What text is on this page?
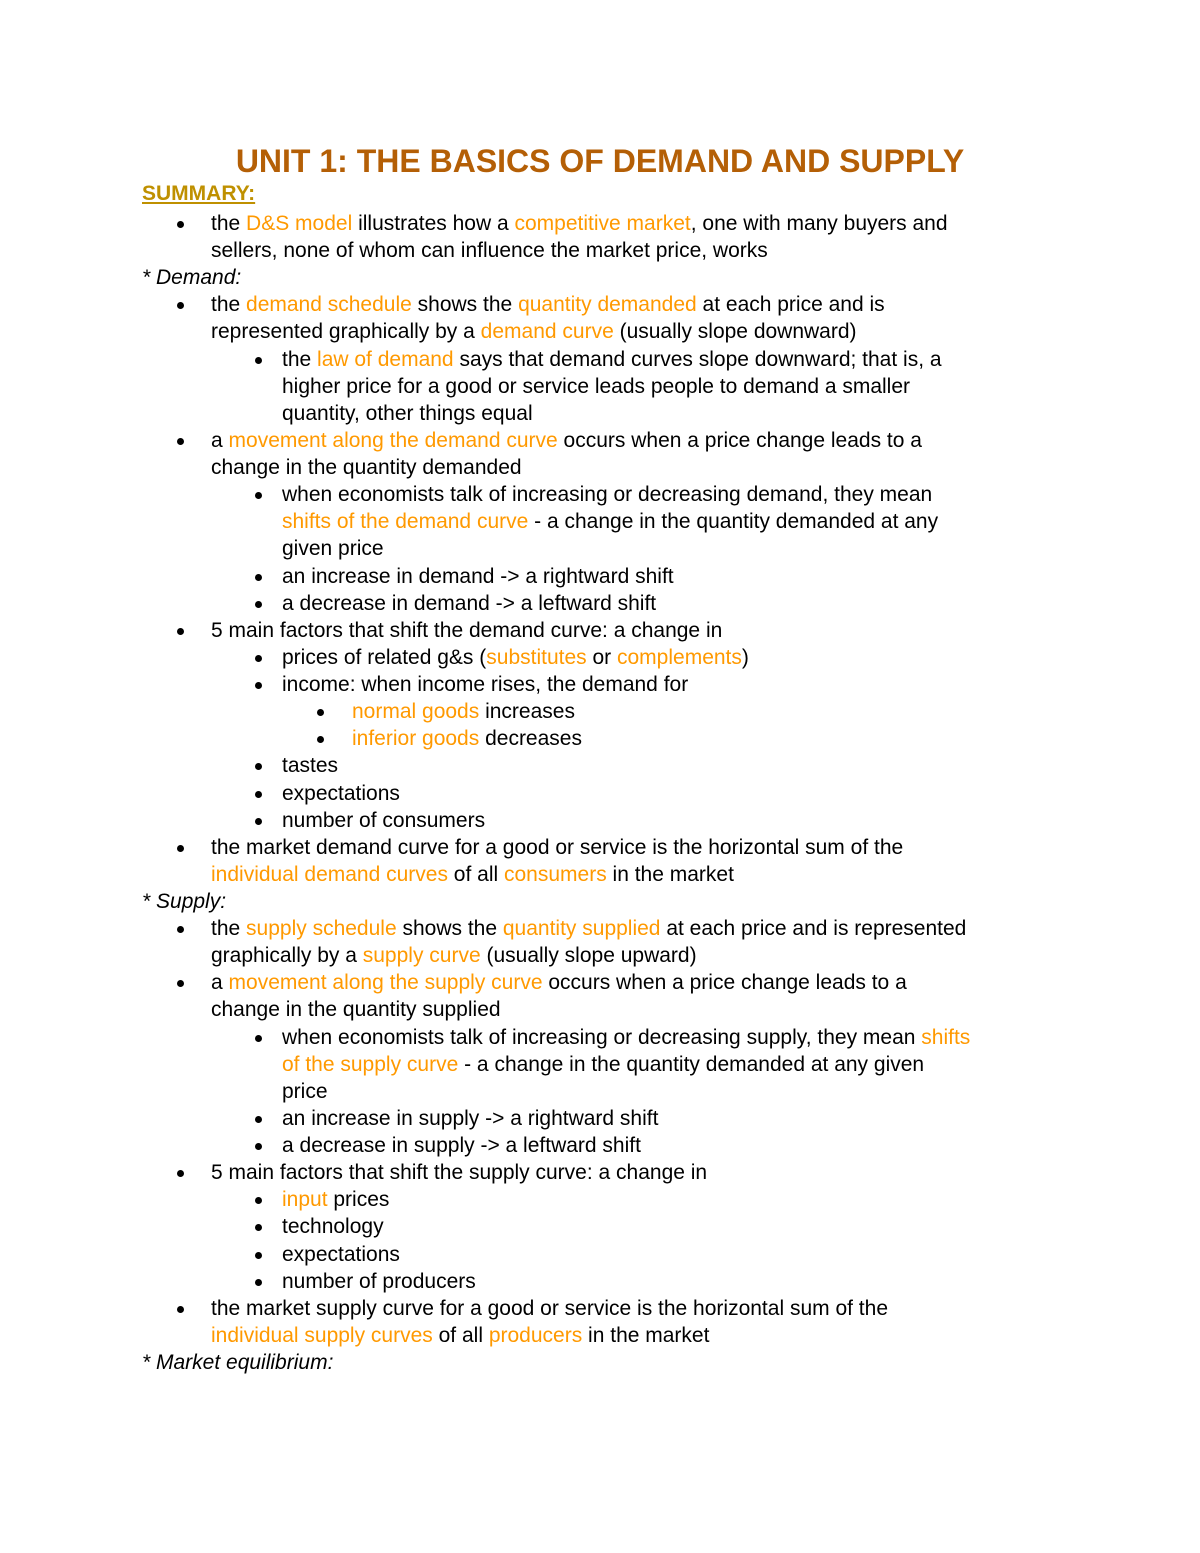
UNIT 1: THE BASICS OF DEMAND AND SUPPLY
SUMMARY:
the D&S model illustrates how a competitive market, one with many buyers and
sellers, none of whom can influence the market price, works
* Demand:
the demand schedule shows the quantity demanded at each price and is
represented graphically by a demand curve (usually slope downward)
the law of demand says that demand curves slope downward; that is, a
higher price for a good or service leads people to demand a smaller
quantity, other things equal
a movement along the demand curve occurs when a price change leads to a
change in the quantity demanded
when economists talk of increasing or decreasing demand, they mean
shifts of the demand curve - a change in the quantity demanded at any
given price
an increase in demand -> a rightward shift
a decrease in demand -> a leftward shift
5 main factors that shift the demand curve: a change in
prices of related g&s (substitutes or complements)
income: when income rises, the demand for
normal goods increases
inferior goods decreases
tastes
expectations
number of consumers
the market demand curve for a good or service is the horizontal sum of the
individual demand curves of all consumers in the market
* Supply:
the supply schedule shows the quantity supplied at each price and is represented
graphically by a supply curve (usually slope upward)
a movement along the supply curve occurs when a price change leads to a
change in the quantity supplied
when economists talk of increasing or decreasing supply, they mean shifts
of the supply curve - a change in the quantity demanded at any given
price
an increase in supply -> a rightward shift
a decrease in supply -> a leftward shift
5 main factors that shift the supply curve: a change in
input prices
technology
expectations
number of producers
the market supply curve for a good or service is the horizontal sum of the
individual supply curves of all producers in the market
* Market equilibrium:
